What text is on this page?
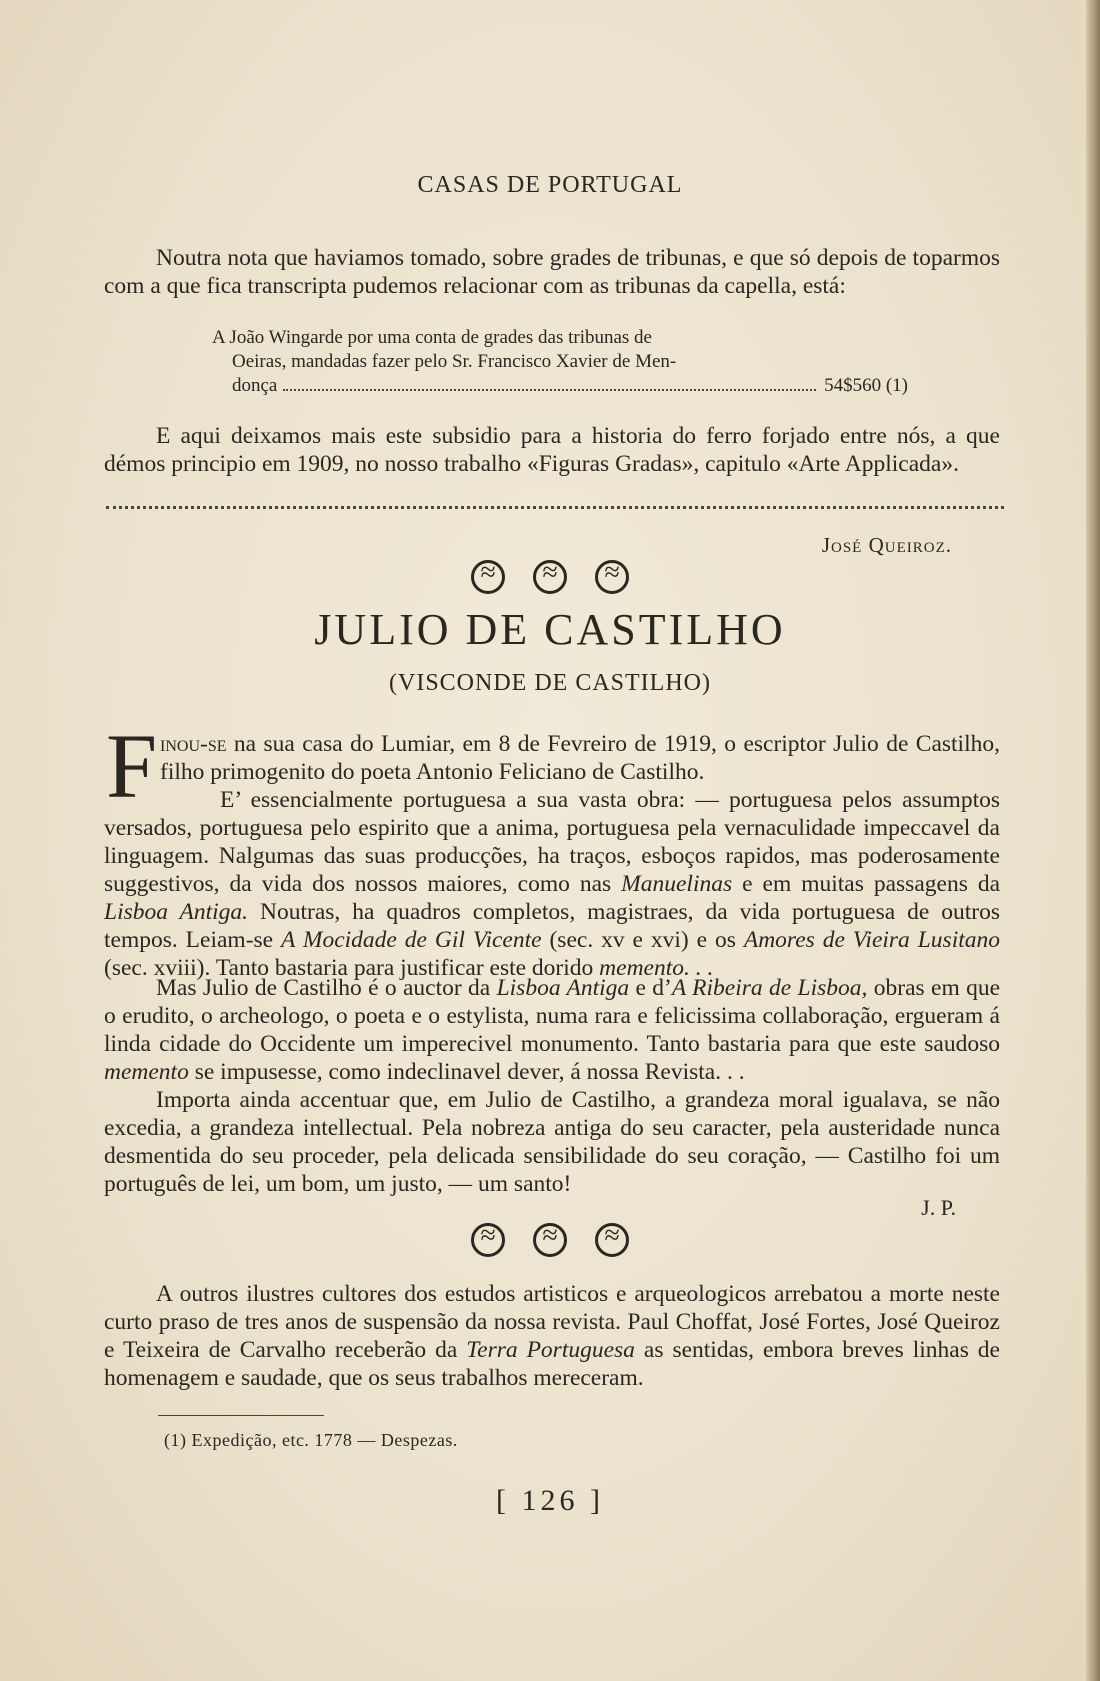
CASAS DE PORTUGAL

Noutra nota que haviamos tomado, sobre grades de tribunas, e que só depois de toparmos com a que fica transcripta pudemos relacionar com as tribunas da capella, está:

A João Wingarde por uma conta de grades das tribunas de
Oeiras, mandadas fazer pelo Sr. Francisco Xavier de Men-
donça	54$560 (1)

E aqui deixamos mais este subsidio para a historia do ferro forjado entre nós, a que démos principio em 1909, no nosso trabalho «Figuras Gradas», capitulo «Arte Applicada».

José Queiroz.
≈≈≈
JULIO DE CASTILHO
(VISCONDE DE CASTILHO)
F inou-se na sua casa do Lumiar, em 8 de Fevreiro de 1919, o escriptor Julio de Castilho, filho primogenito do poeta Antonio Feliciano de Castilho.

E’ essencialmente portuguesa a sua vasta obra: — portuguesa pelos assumptos versados, portuguesa pelo espirito que a anima, portuguesa pela vernaculidade impeccavel da linguagem. Nalgumas das suas producções, ha traços, esboços rapidos, mas poderosamente suggestivos, da vida dos nossos maiores, como nas Manuelinas e em muitas passagens da Lisboa Antiga. Noutras, ha quadros completos, magistraes, da vida portuguesa de outros tempos. Leiam-se A Mocidade de Gil Vicente (sec. xv e xvi) e os Amores de Vieira Lusitano (sec. xviii). Tanto bastaria para justificar este dorido memento. . .

Mas Julio de Castilho é o auctor da Lisboa Antiga e d’A Ribeira de Lisboa, obras em que o erudito, o archeologo, o poeta e o estylista, numa rara e felicissima collaboração, ergueram á linda cidade do Occidente um imperecivel monumento. Tanto bastaria para que este saudoso memento se impusesse, como indeclinavel dever, á nossa Revista. . .

Importa ainda accentuar que, em Julio de Castilho, a grandeza moral igualava, se não excedia, a grandeza intellectual. Pela nobreza antiga do seu caracter, pela austeridade nunca desmentida do seu proceder, pela delicada sensibilidade do seu coração, — Castilho foi um português de lei, um bom, um justo, — um santo!

J. P.
≈≈≈

A outros ilustres cultores dos estudos artisticos e arqueologicos arrebatou a morte neste curto praso de tres anos de suspensão da nossa revista. Paul Choffat, José Fortes, José Queiroz e Teixeira de Carvalho receberão da Terra Portuguesa as sentidas, embora breves linhas de homenagem e saudade, que os seus trabalhos mereceram.

(1) Expedição, etc. 1778 — Despezas.
[ 126 ]
